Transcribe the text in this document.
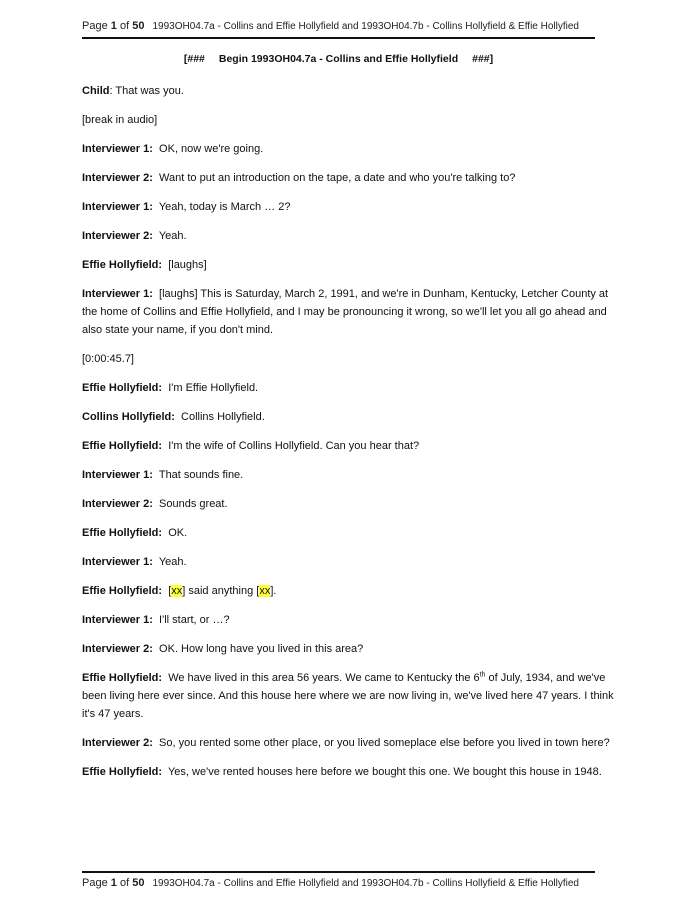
Page 1 of 50 1993OH04.7a - Collins and Effie Hollyfield and 1993OH04.7b - Collins Hollyfield & Effie Hollyfied
[### Begin 1993OH04.7a - Collins and Effie Hollyfield ###]

Child: That was you.

[break in audio]

Interviewer 1: OK, now we're going.

Interviewer 2: Want to put an introduction on the tape, a date and who you're talking to?

Interviewer 1: Yeah, today is March … 2?

Interviewer 2: Yeah.

Effie Hollyfield: [laughs]

Interviewer 1: [laughs] This is Saturday, March 2, 1991, and we're in Dunham, Kentucky, Letcher County at the home of Collins and Effie Hollyfield, and I may be pronouncing it wrong, so we'll let you all go ahead and also state your name, if you don't mind.

[0:00:45.7]

Effie Hollyfield: I'm Effie Hollyfield.

Collins Hollyfield: Collins Hollyfield.

Effie Hollyfield: I'm the wife of Collins Hollyfield. Can you hear that?

Interviewer 1: That sounds fine.

Interviewer 2: Sounds great.

Effie Hollyfield: OK.

Interviewer 1: Yeah.

Effie Hollyfield: [xx] said anything [xx].

Interviewer 1: I'll start, or …?

Interviewer 2: OK. How long have you lived in this area?

Effie Hollyfield: We have lived in this area 56 years. We came to Kentucky the 6th of July, 1934, and we've been living here ever since. And this house here where we are now living in, we've lived here 47 years. I think it's 47 years.

Interviewer 2: So, you rented some other place, or you lived someplace else before you lived in town here?

Effie Hollyfield: Yes, we've rented houses here before we bought this one. We bought this house in 1948.

Page 1 of 50 1993OH04.7a - Collins and Effie Hollyfield and 1993OH04.7b - Collins Hollyfield & Effie Hollyfied
